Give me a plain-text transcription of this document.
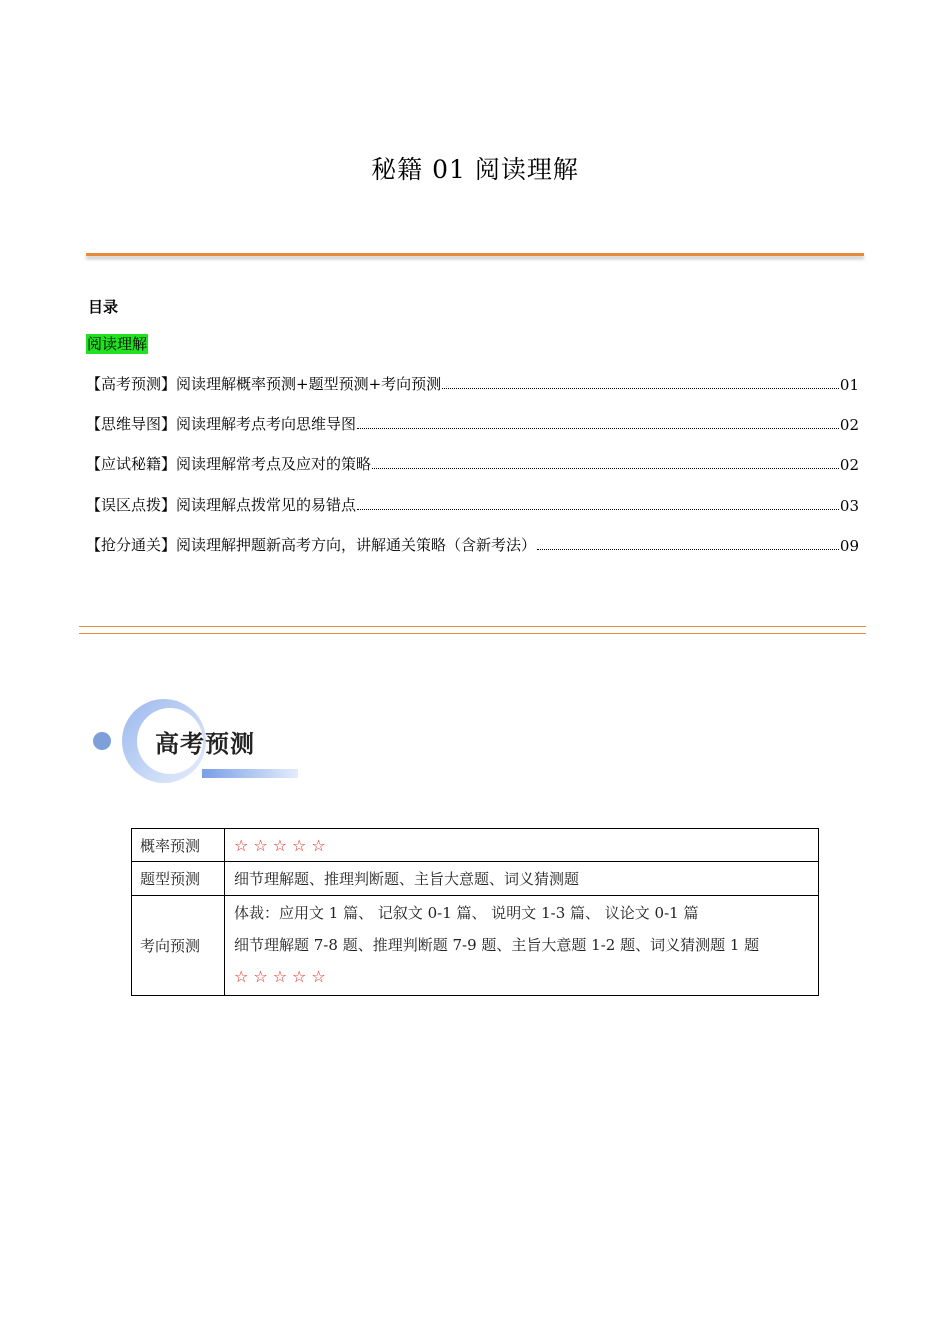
秘籍 01 阅读理解
目录
阅读理解
【高考预测】阅读理解概率预测+题型预测+考向预测	01
【思维导图】阅读理解考点考向思维导图	02
【应试秘籍】阅读理解常考点及应对的策略	02
【误区点拨】阅读理解点拨常见的易错点	03
【抢分通关】阅读理解押题新高考方向，讲解通关策略（含新考法）	09
高考预测
概率预测	☆☆☆☆☆
题型预测	细节理解题、推理判断题、主旨大意题、词义猜测题
考向预测	体裁：应用文 1 篇、 记叙文 0-1 篇、 说明文 1-3 篇、 议论文 0-1 篇
细节理解题 7-8 题、推理判断题 7-9 题、主旨大意题 1-2 题、词义猜测题 1 题
☆☆☆☆☆
